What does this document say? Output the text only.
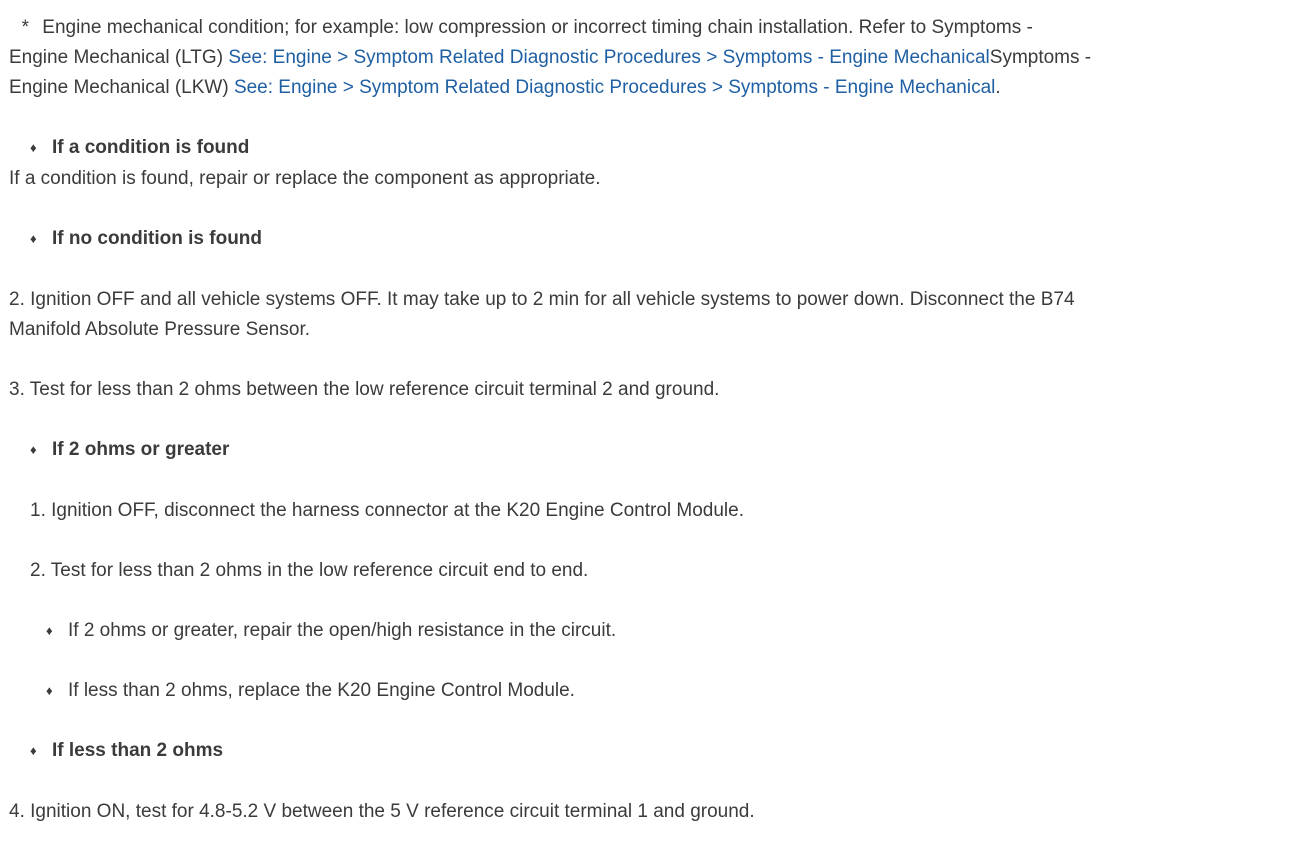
* Engine mechanical condition; for example: low compression or incorrect timing chain installation. Refer to Symptoms -
Engine Mechanical (LTG) See: Engine > Symptom Related Diagnostic Procedures > Symptoms - Engine MechanicalSymptoms -
Engine Mechanical (LKW) See: Engine > Symptom Related Diagnostic Procedures > Symptoms - Engine Mechanical.
♦ If a condition is found
If a condition is found, repair or replace the component as appropriate.
♦ If no condition is found
2. Ignition OFF and all vehicle systems OFF. It may take up to 2 min for all vehicle systems to power down. Disconnect the B74
Manifold Absolute Pressure Sensor.
3. Test for less than 2 ohms between the low reference circuit terminal 2 and ground.
♦ If 2 ohms or greater
1. Ignition OFF, disconnect the harness connector at the K20 Engine Control Module.
2. Test for less than 2 ohms in the low reference circuit end to end.
♦ If 2 ohms or greater, repair the open/high resistance in the circuit.
♦ If less than 2 ohms, replace the K20 Engine Control Module.
♦ If less than 2 ohms
4. Ignition ON, test for 4.8-5.2 V between the 5 V reference circuit terminal 1 and ground.
